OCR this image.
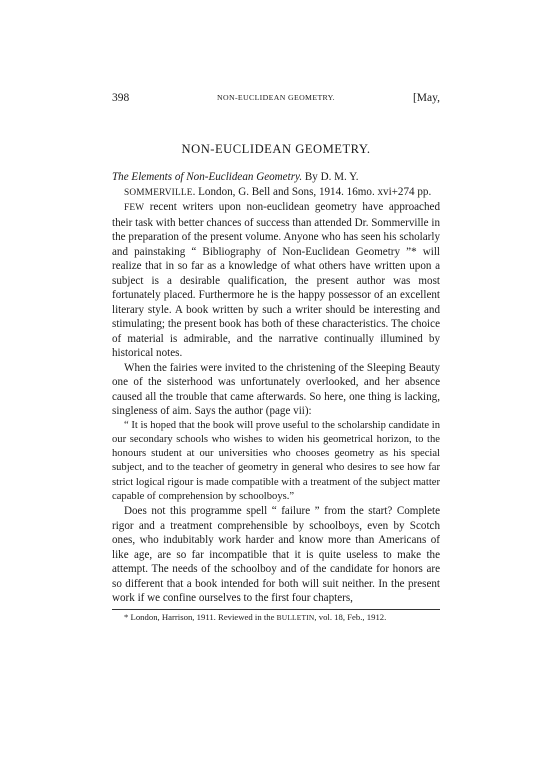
398	NON-EUCLIDEAN GEOMETRY.	[May,
NON-EUCLIDEAN GEOMETRY.

The Elements of Non-Euclidean Geometry. By D. M. Y.
SOMMERVILLE. London, G. Bell and Sons, 1914. 16mo. xvi+274 pp.

FEW recent writers upon non-euclidean geometry have approached their task with better chances of success than attended Dr. Sommerville in the preparation of the present volume. Anyone who has seen his scholarly and painstaking “ Bibliography of Non-Euclidean Geometry ”* will realize that in so far as a knowledge of what others have written upon a subject is a desirable qualification, the present author was most fortunately placed. Furthermore he is the happy possessor of an excellent literary style. A book written by such a writer should be interesting and stimulating; the present book has both of these characteristics. The choice of material is admirable, and the narrative continually illumined by historical notes.

When the fairies were invited to the christening of the Sleeping Beauty one of the sisterhood was unfortunately overlooked, and her absence caused all the trouble that came afterwards. So here, one thing is lacking, singleness of aim. Says the author (page vii):

“ It is hoped that the book will prove useful to the scholarship candidate in our secondary schools who wishes to widen his geometrical horizon, to the honours student at our universities who chooses geometry as his special subject, and to the teacher of geometry in general who desires to see how far strict logical rigour is made compatible with a treatment of the subject matter capable of comprehension by schoolboys.”

Does not this programme spell “ failure ” from the start? Complete rigor and a treatment comprehensible by schoolboys, even by Scotch ones, who indubitably work harder and know more than Americans of like age, are so far incompatible that it is quite useless to make the attempt. The needs of the schoolboy and of the candidate for honors are so different that a book intended for both will suit neither. In the present work if we confine ourselves to the first four chapters,

* London, Harrison, 1911. Reviewed in the BULLETIN, vol. 18, Feb., 1912.
